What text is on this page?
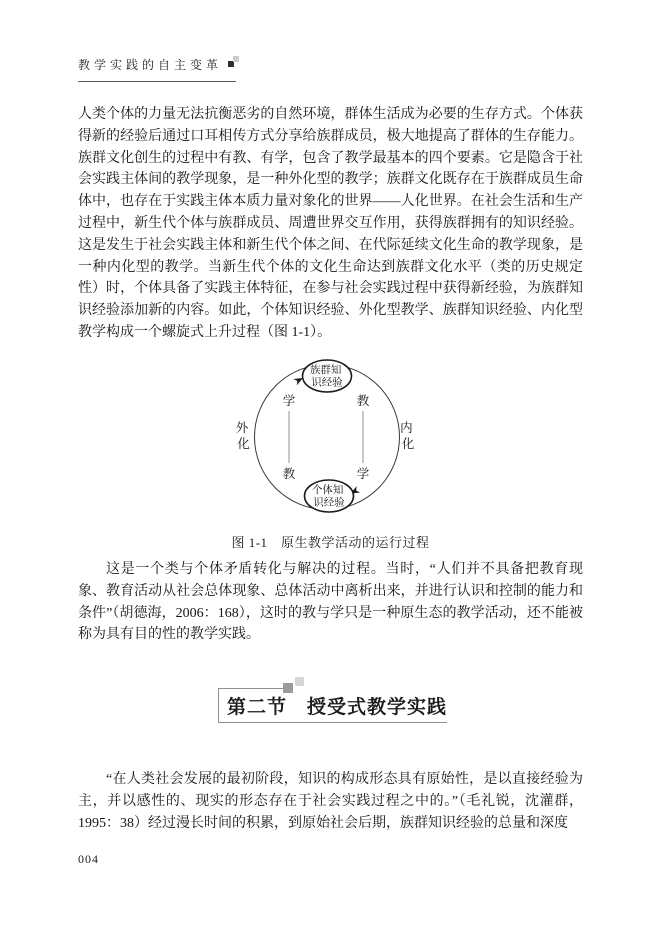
教学实践的自主变革
人类个体的力量无法抗衡恶劣的自然环境，群体生活成为必要的生存方式。个体获得新的经验后通过口耳相传方式分享给族群成员，极大地提高了群体的生存能力。族群文化创生的过程中有教、有学，包含了教学最基本的四个要素。它是隐含于社会实践主体间的教学现象，是一种外化型的教学；族群文化既存在于族群成员生命体中，也存在于实践主体本质力量对象化的世界——人化世界。在社会生活和生产过程中，新生代个体与族群成员、周遭世界交互作用，获得族群拥有的知识经验。这是发生于社会实践主体和新生代个体之间、在代际延续文化生命的教学现象，是一种内化型的教学。当新生代个体的文化生命达到族群文化水平（类的历史规定性）时，个体具备了实践主体特征，在参与社会实践过程中获得新经验，为族群知识经验添加新的内容。如此，个体知识经验、外化型教学、族群知识经验、内化型教学构成一个螺旋式上升过程（图 1-1）。
族群知 识经验
个体知 识经验
学
教
教
学
外 化
内 化
图 1-1　原生教学活动的运行过程
这是一个类与个体矛盾转化与解决的过程。当时，“人们并不具备把教育现象、教育活动从社会总体现象、总体活动中离析出来，并进行认识和控制的能力和条件”（胡德海，2006：168），这时的教与学只是一种原生态的教学活动，还不能被称为具有目的性的教学实践。
第二节　授受式教学实践
“在人类社会发展的最初阶段，知识的构成形态具有原始性，是以直接经验为主，并以感性的、现实的形态存在于社会实践过程之中的。”（毛礼锐，沈灌群，1995：38）经过漫长时间的积累，到原始社会后期，族群知识经验的总量和深度
004
